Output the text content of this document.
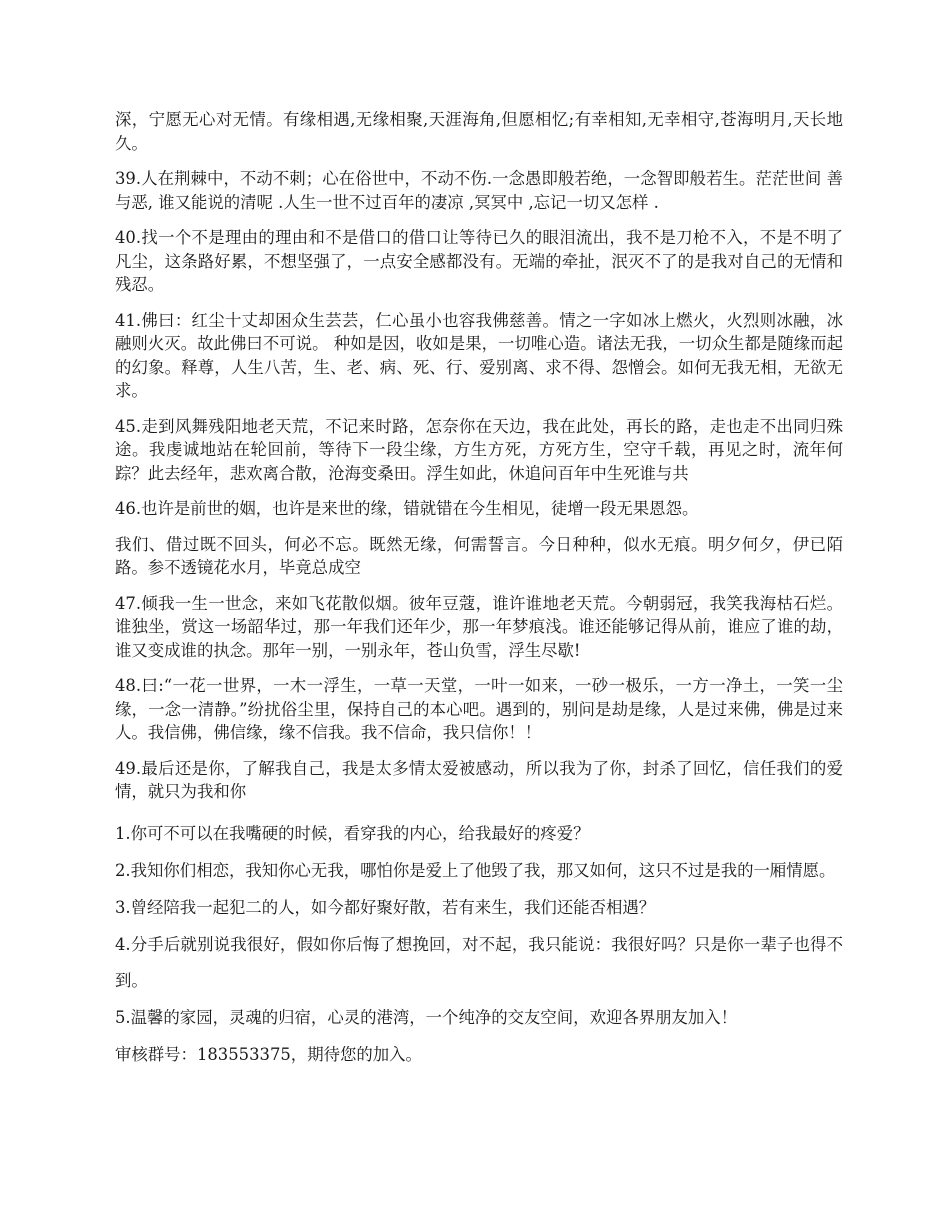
深，宁愿无心对无情。有缘相遇,无缘相聚,天涯海角,但愿相忆;有幸相知,无幸相守,苍海明月,天长地久。

39.人在荆棘中，不动不刺；心在俗世中，不动不伤.一念愚即般若绝，一念智即般若生。茫茫世间 善与恶, 谁又能说的清呢 .人生一世不过百年的凄凉 ,冥冥中 ,忘记一切又怎样 .

40.找一个不是理由的理由和不是借口的借口让等待已久的眼泪流出，我不是刀枪不入，不是不明了凡尘，这条路好累，不想坚强了，一点安全感都没有。无端的牵扯，泯灭不了的是我对自己的无情和残忍。

41.佛曰：红尘十丈却困众生芸芸，仁心虽小也容我佛慈善。情之一字如冰上燃火，火烈则冰融，冰融则火灭。故此佛曰不可说。 种如是因，收如是果，一切唯心造。诸法无我，一切众生都是随缘而起的幻象。释尊，人生八苦，生、老、病、死、行、爱别离、求不得、怨憎会。如何无我无相，无欲无求。

45.走到风舞残阳地老天荒，不记来时路，怎奈你在天边，我在此处，再长的路，走也走不出同归殊途。我虔诚地站在轮回前，等待下一段尘缘，方生方死，方死方生，空守千载，再见之时，流年何踪？此去经年，悲欢离合散，沧海变桑田。浮生如此，休追问百年中生死谁与共

46.也许是前世的姻，也许是来世的缘，错就错在今生相见，徒增一段无果恩怨。

我们、借过既不回头，何必不忘。既然无缘，何需誓言。今日种种，似水无痕。明夕何夕，伊已陌路。参不透镜花水月，毕竟总成空

47.倾我一生一世念，来如飞花散似烟。彼年豆蔻，谁许谁地老天荒。今朝弱冠，我笑我海枯石烂。谁独坐，赏这一场韶华过，那一年我们还年少，那一年梦痕浅。谁还能够记得从前，谁应了谁的劫，谁又变成谁的执念。那年一别，一别永年，苍山负雪，浮生尽歇!

48.曰:“一花一世界，一木一浮生，一草一天堂，一叶一如来，一砂一极乐，一方一净土，一笑一尘缘，一念一清静。”纷扰俗尘里，保持自己的本心吧。遇到的，别问是劫是缘，人是过来佛，佛是过来人。我信佛，佛信缘，缘不信我。我不信命，我只信你！！

49.最后还是你，了解我自己，我是太多情太爱被感动，所以我为了你，封杀了回忆，信任我们的爱情，就只为我和你

1.你可不可以在我嘴硬的时候，看穿我的内心，给我最好的疼爱？

2.我知你们相恋，我知你心无我，哪怕你是爱上了他毁了我，那又如何，这只不过是我的一厢情愿。

3.曾经陪我一起犯二的人，如今都好聚好散，若有来生，我们还能否相遇？

4.分手后就别说我很好，假如你后悔了想挽回，对不起，我只能说：我很好吗？只是你一辈子也得不到。

5.温馨的家园，灵魂的归宿，心灵的港湾，一个纯净的交友空间，欢迎各界朋友加入！

审核群号：183553375，期待您的加入。
